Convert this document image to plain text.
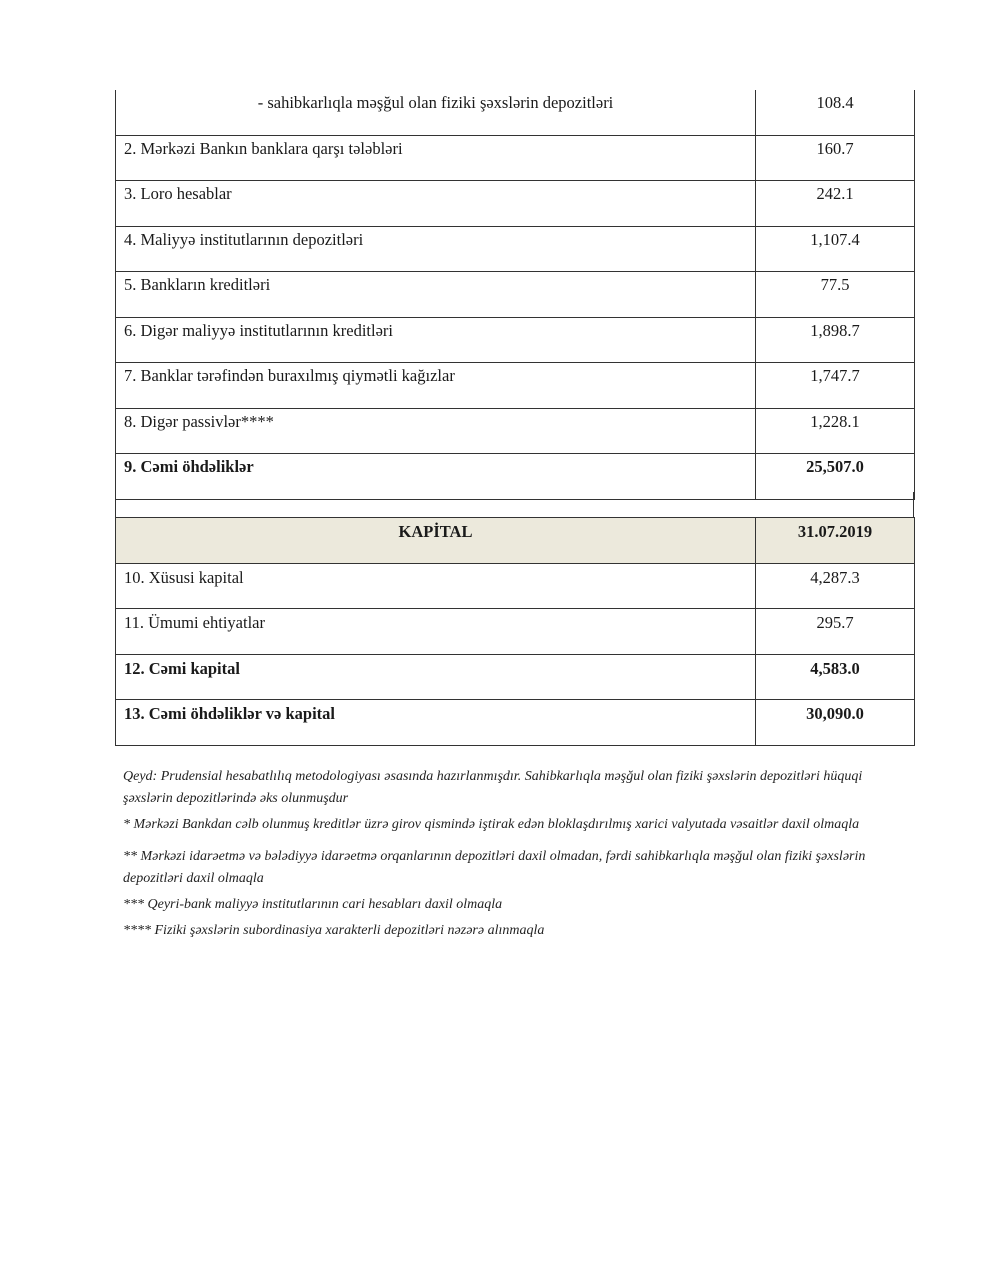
- sahibkarlıqla məşğul olan fiziki şəxslərin depozitləri	108.4

2. Mərkəzi Bankın banklara qarşı tələbləri	160.7

3. Loro hesablar	242.1

4. Maliyyə institutlarının depozitləri	1,107.4

5. Bankların kreditləri	77.5

6. Digər maliyyə institutlarının kreditləri	1,898.7

7. Banklar tərəfindən buraxılmış qiymətli kağızlar	1,747.7

8. Digər passivlər****	1,228.1

9. Cəmi öhdəliklər	25,507.0
KAPİTAL	31.07.2019

10. Xüsusi kapital	4,287.3

11. Ümumi ehtiyatlar	295.7

12. Cəmi kapital	4,583.0

13. Cəmi öhdəliklər və kapital	30,090.0

Qeyd: Prudensial hesabatlılıq metodologiyası əsasında hazırlanmışdır. Sahibkarlıqla məşğul olan fiziki şəxslərin depozitləri hüquqi şəxslərin depozitlərində əks olunmuşdur

* Mərkəzi Bankdan cəlb olunmuş kreditlər üzrə girov qismində iştirak edən bloklaşdırılmış xarici valyutada vəsaitlər daxil olmaqla

** Mərkəzi idarəetmə və bələdiyyə idarəetmə orqanlarının depozitləri daxil olmadan, fərdi sahibkarlıqla məşğul olan fiziki şəxslərin depozitləri daxil olmaqla

*** Qeyri-bank maliyyə institutlarının cari hesabları daxil olmaqla

**** Fiziki şəxslərin subordinasiya xarakterli depozitləri nəzərə alınmaqla
